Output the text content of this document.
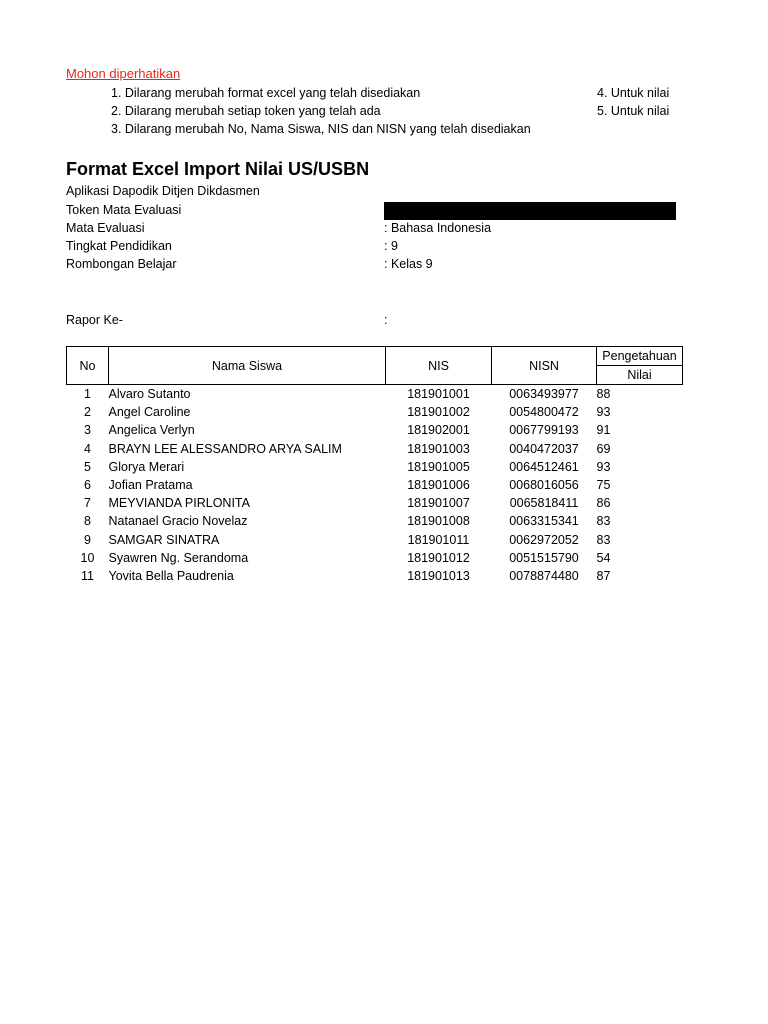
Mohon diperhatikan
1. Dilarang merubah format excel yang telah disediakan
2. Dilarang merubah setiap token yang telah ada
3. Dilarang merubah No, Nama Siswa, NIS dan NISN yang telah disediakan
4. Untuk nilai
5. Untuk nilai
Format Excel Import Nilai US/USBN
Aplikasi Dapodik Ditjen Dikdasmen
Token Mata Evaluasi
Mata Evaluasi	: Bahasa Indonesia
Tingkat Pendidikan	: 9
Rombongan Belajar	: Kelas 9
Rapor Ke-	:
No	Nama Siswa	NIS	NISN	Pengetahuan
				Nilai
1	Alvaro Sutanto	181901001	0063493977	88
2	Angel Caroline	181901002	0054800472	93
3	Angelica Verlyn	181902001	0067799193	91
4	BRAYN LEE ALESSANDRO ARYA SALIM	181901003	0040472037	69
5	Glorya Merari	181901005	0064512461	93
6	Jofian Pratama	181901006	0068016056	75
7	MEYVIANDA PIRLONITA	181901007	0065818411	86
8	Natanael Gracio Novelaz	181901008	0063315341	83
9	SAMGAR SINATRA	181901011	0062972052	83
10	Syawren Ng. Serandoma	181901012	0051515790	54
11	Yovita Bella Paudrenia	181901013	0078874480	87
